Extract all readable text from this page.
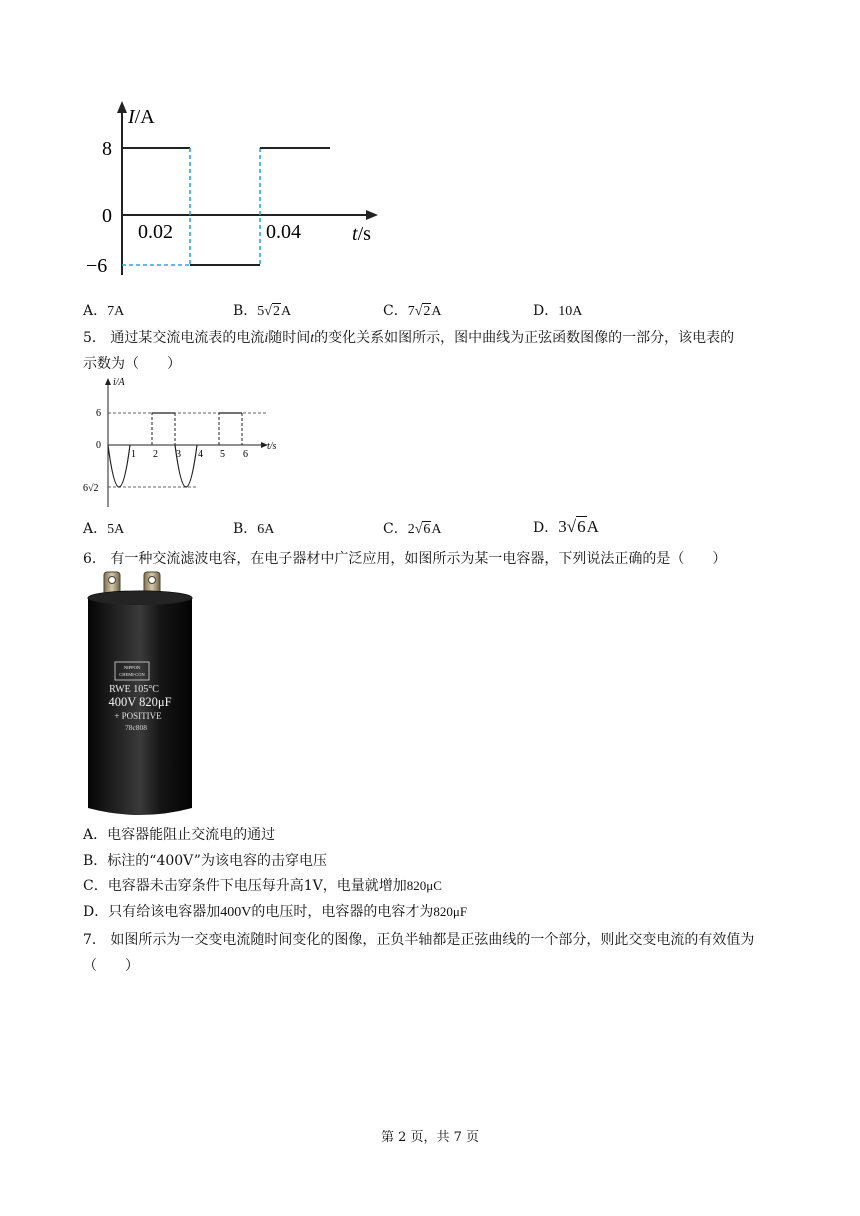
I/A
8
0
−6
0.02	0.04	t/s
A．7A	B．5√2A	C．7√2A	D．10A
5． 通过某交流电流表的电流i随时间t的变化关系如图所示，图中曲线为正弦函数图像的一部分，该电表的
示数为（　　）
i/A
6
0
6√2
t/s
1 2 3 4 5 6
A．5A	B．6A	C．2√6A	D．3√6A
6． 有一种交流滤波电容，在电子器材中广泛应用，如图所示为某一电容器，下列说法正确的是（　　）
NIPPON
CHEMI-CON
RWE 105°C
400V 820μF
+ POSITIVE
78c808
A．电容器能阻止交流电的通过
B．标注的“400V”为该电容的击穿电压
C．电容器未击穿条件下电压每升高1V，电量就增加820μC
D．只有给该电容器加400V的电压时，电容器的电容才为820μF
7． 如图所示为一交变电流随时间变化的图像，正负半轴都是正弦曲线的一个部分，则此交变电流的有效值为
（　　）
第 2 页，共 7 页
